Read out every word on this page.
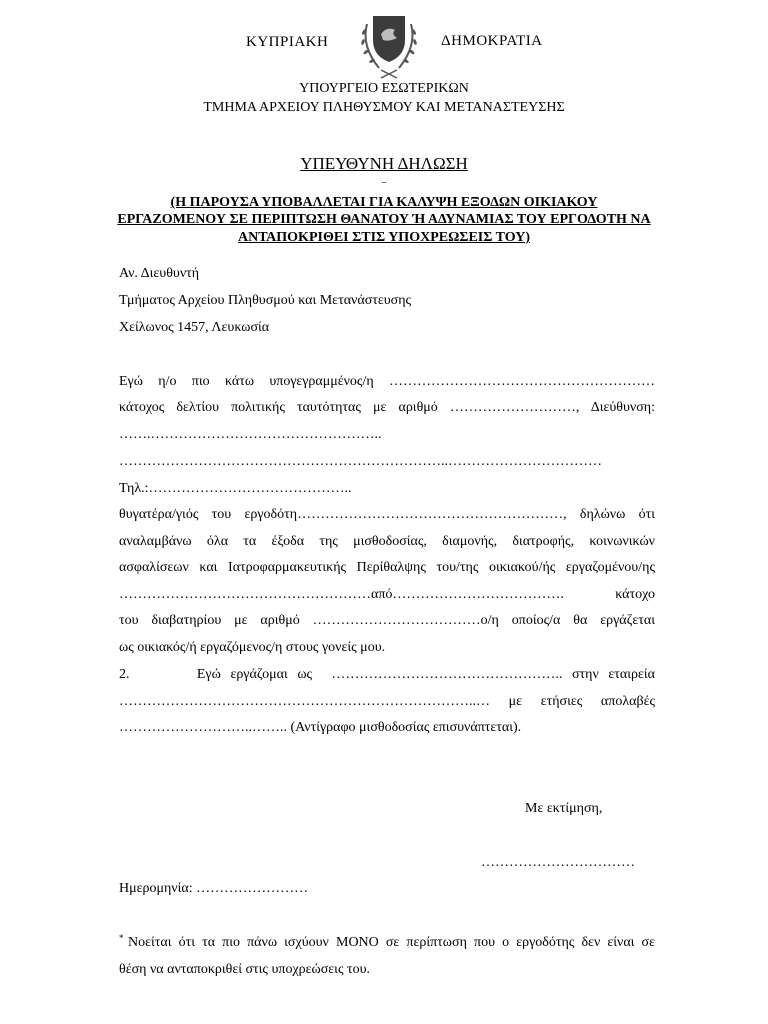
ΚΥΠΡΙΑΚΗ	ΔΗΜΟΚΡΑΤΙΑ
ΥΠΟΥΡΓΕΙΟ ΕΣΩΤΕΡΙΚΩΝ
ΤΜΗΜΑ ΑΡΧΕΙΟΥ ΠΛΗΘΥΣΜΟΥ ΚΑΙ ΜΕΤΑΝΑΣΤΕΥΣΗΣ
ΥΠΕΥΘΥΝΗ ΔΗΛΩΣΗ
–
(Η ΠΑΡΟΥΣΑ ΥΠΟΒΑΛΛΕΤΑΙ ΓΙΑ ΚΑΛΥΨΗ ΕΞΟΔΩΝ ΟΙΚΙΑΚΟΥ
ΕΡΓΑΖΟΜΕΝΟΥ ΣΕ ΠΕΡΙΠΤΩΣΗ ΘΑΝΑΤΟΥ Ή ΑΔΥΝΑΜΙΑΣ ΤΟΥ ΕΡΓΟΔΟΤΗ ΝΑ
ΑΝΤΑΠΟΚΡΙΘΕΙ ΣΤΙΣ ΥΠΟΧΡΕΩΣΕΙΣ ΤΟΥ)
Αν. Διευθυντή
Τμήματος Αρχείου Πληθυσμού και Μετανάστευσης
Χείλωνος 1457, Λευκωσία
Εγώ η/ο πιο κάτω υπογεγραμμένος/η …………………………………………………
κάτοχος δελτίου πολιτικής ταυτότητας με αριθμό ………………………, Διεύθυνση:
…….…………………………………………..
……………………………………………………………..……………………………
Τηλ.:……………………………………..
θυγατέρα/γιός του εργοδότη…………………………………………………, δηλώνω ότι
αναλαμβάνω όλα τα έξοδα της μισθοδοσίας, διαμονής, διατροφής, κοινωνικών
ασφαλίσεων και Ιατροφαρμακευτικής Περίθαλψης του/της οικιακού/ής εργαζομένου/ης
………………………………………………από………………………………. κάτοχο
του διαβατηρίου με αριθμό ………………………………ο/η οποίος/α θα εργάζεται
ως οικιακός/ή εργαζόμενος/η στους γονείς μου.
2.       Εγώ εργάζομαι ως  ………………………………………….. στην εταιρεία
…………………………………………………………………..… με ετήσιες απολαβές
………………………..…….. (Αντίγραφο μισθοδοσίας επισυνάπτεται).
Με εκτίμηση,
……………………………
Ημερομηνία: ……………………
* Νοείται ότι τα πιο πάνω ισχύουν ΜΟΝΟ σε περίπτωση που ο εργοδότης δεν είναι σε
θέση να ανταποκριθεί στις υποχρεώσεις του.
